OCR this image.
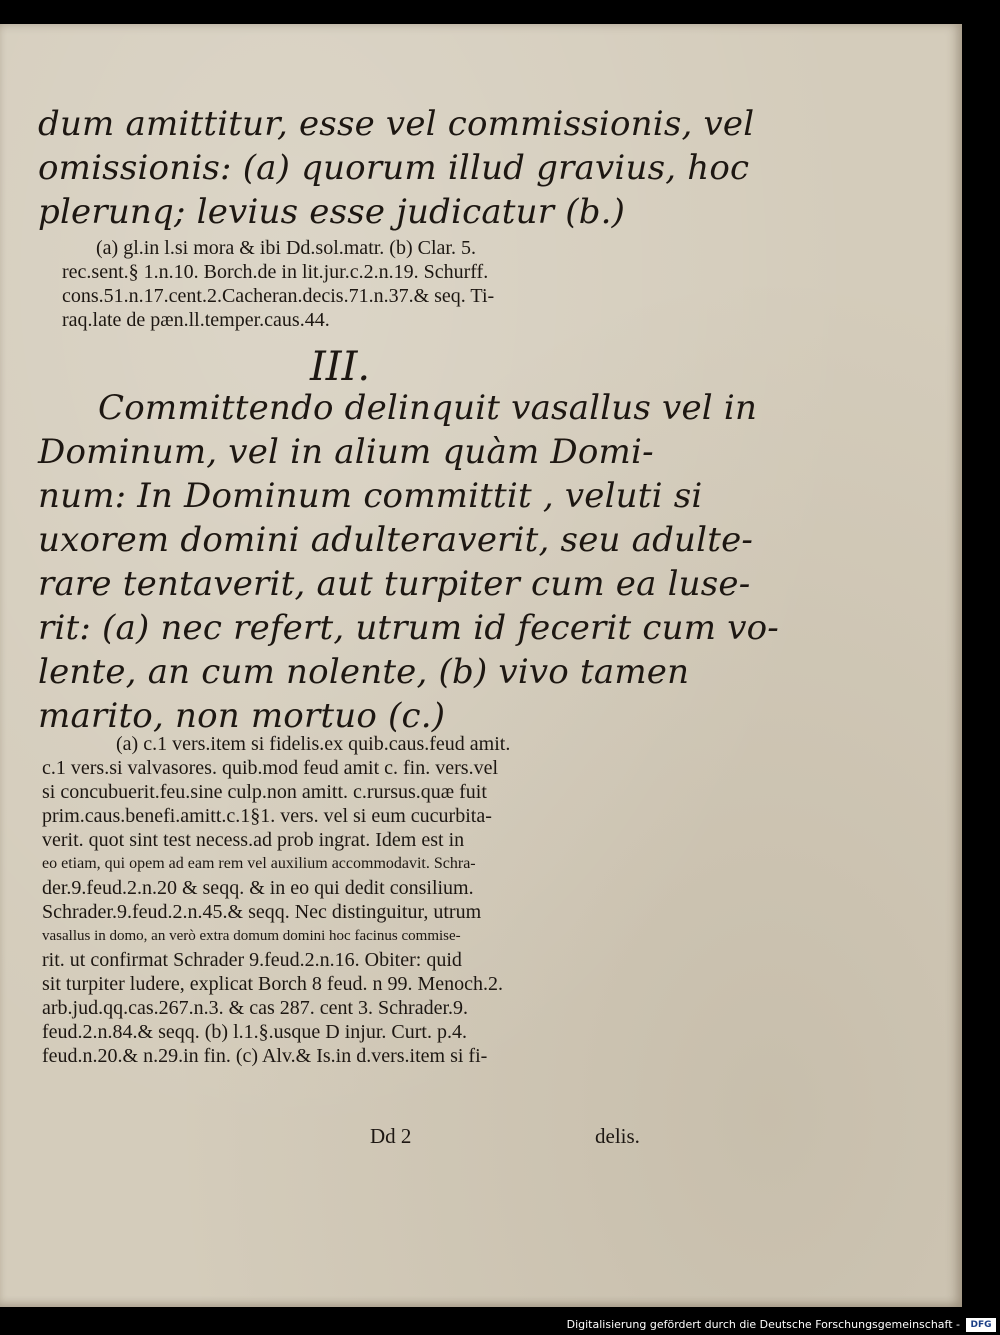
dum amittitur, esse vel commissionis, vel
omissionis: (a) quorum illud gravius, hoc
plerunq; levius esse judicatur (b.)
(a) gl.in l.si mora & ibi Dd.sol.matr. (b) Clar. 5.
rec.sent.§ 1.n.10. Borch.de in lit.jur.c.2.n.19. Schurff.
cons.51.n.17.cent.2.Cacheran.decis.71.n.37.& seq. Ti-
raq.late de pæn.ll.temper.caus.44.
III.
Committendo delinquit vasallus vel in
Dominum, vel in alium quàm Domi-
num: In Dominum committit , veluti si
uxorem domini adulteraverit, seu adulte-
rare tentaverit, aut turpiter cum ea luse-
rit: (a) nec refert, utrum id fecerit cum vo-
lente, an cum nolente, (b) vivo tamen
marito, non mortuo (c.)
(a) c.1 vers.item si fidelis.ex quib.caus.feud amit.
c.1 vers.si valvasores. quib.mod feud amit c. fin. vers.vel
si concubuerit.feu.sine culp.non amitt. c.rursus.quæ fuit
prim.caus.benefi.amitt.c.1§1. vers. vel si eum cucurbita-
verit. quot sint test necess.ad prob ingrat. Idem est in
eo etiam, qui opem ad eam rem vel auxilium accommodavit. Schra-
der.9.feud.2.n.20 & seqq. & in eo qui dedit consilium.
Schrader.9.feud.2.n.45.& seqq. Nec distinguitur, utrum
vasallus in domo, an verò extra domum domini hoc facinus commise-
rit. ut confirmat Schrader 9.feud.2.n.16. Obiter: quid
sit turpiter ludere, explicat Borch 8 feud. n 99. Menoch.2.
arb.jud.qq.cas.267.n.3. & cas 287. cent 3. Schrader.9.
feud.2.n.84.& seqq. (b) l.1.§.usque D injur. Curt. p.4.
feud.n.20.& n.29.in fin. (c) Alv.& Is.in d.vers.item si fi-
Dd 2	delis.
Digitalisierung gefördert durch die Deutsche Forschungsgemeinschaft -	DFG
